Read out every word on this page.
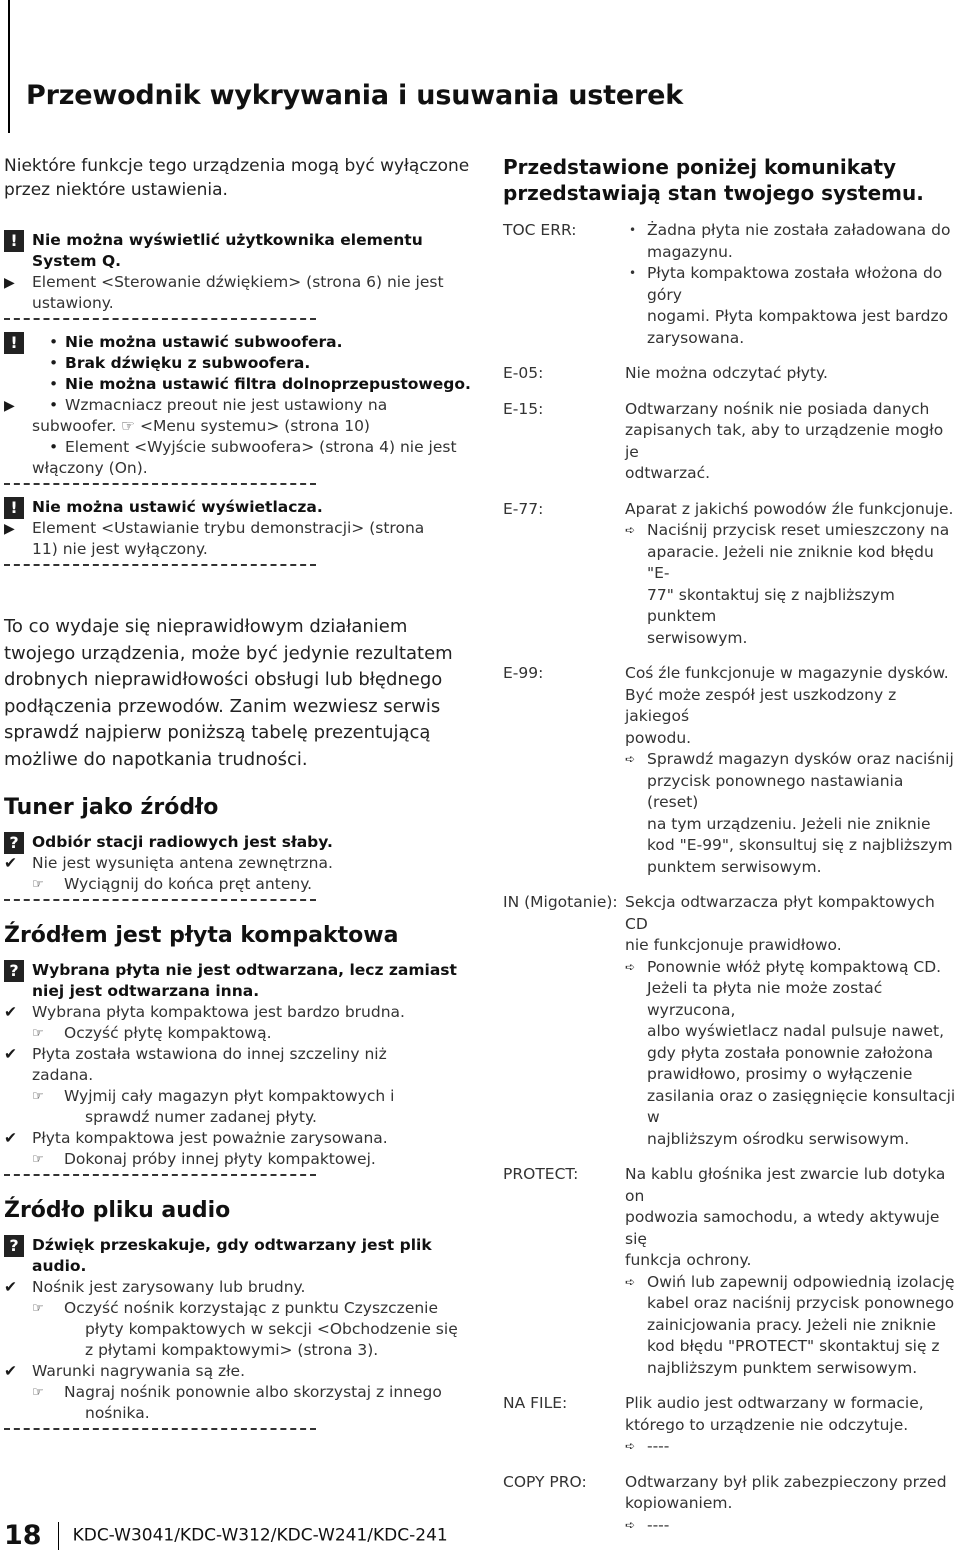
Przewodnik wykrywania i usuwania usterek
Niektóre funkcje tego urządzenia mogą być wyłączone przez niektóre ustawienia.
! Nie można wyświetlić użytkownika elementu
System Q.
▶	Element <Sterowanie dźwiękiem> (strona 6) nie jest
ustawiony.
!	• Nie można ustawić subwoofera.
• Brak dźwięku z subwoofera.
• Nie można ustawić filtra dolnoprzepustowego.
▶	• Wzmacniacz preout nie jest ustawiony na
subwoofer. ☞ <Menu systemu> (strona 10)
• Element <Wyjście subwoofera> (strona 4) nie jest
włączony (On).
! Nie można ustawić wyświetlacza.
▶	Element <Ustawianie trybu demonstracji> (strona
11) nie jest wyłączony.
To co wydaje się nieprawidłowym działaniem twojego urządzenia, może być jedynie rezultatem drobnych nieprawidłowości obsługi lub błędnego podłączenia przewodów. Zanim wezwiesz serwis sprawdź najpierw poniższą tabelę prezentującą możliwe do napotkania trudności.
Tuner jako źródło
? Odbiór stacji radiowych jest słaby.
✔ Nie jest wysunięta antena zewnętrzna.
☞	Wyciągnij do końca pręt anteny.
Źródłem jest płyta kompaktowa
? Wybrana płyta nie jest odtwarzana, lecz zamiast
niej jest odtwarzana inna.
✔ Wybrana płyta kompaktowa jest bardzo brudna.
☞	Oczyść płytę kompaktową.
✔ Płyta została wstawiona do innej szczeliny niż
zadana.
☞	Wyjmij cały magazyn płyt kompaktowych i
sprawdź numer zadanej płyty.
✔ Płyta kompaktowa jest poważnie zarysowana.
☞	Dokonaj próby innej płyty kompaktowej.
Źródło pliku audio
? Dźwięk przeskakuje, gdy odtwarzany jest plik
audio.
✔ Nośnik jest zarysowany lub brudny.
☞	Oczyść nośnik korzystając z punktu Czyszczenie
płyty kompaktowych w sekcji <Obchodzenie się
z płytami kompaktowymi> (strona 3).
✔ Warunki nagrywania są złe.
☞	Nagraj nośnik ponownie albo skorzystaj z innego
nośnika.
Przedstawione poniżej komunikaty przedstawiają stan twojego systemu.
TOC ERR:	• Żadna płyta nie została załadowana do
magazynu.
• Płyta kompaktowa została włożona do góry
nogami. Płyta kompaktowa jest bardzo
zarysowana.
E-05:	Nie można odczytać płyty.
E-15:	Odtwarzany nośnik nie posiada danych
zapisanych tak, aby to urządzenie mogło je
odtwarzać.
E-77:	Aparat z jakichś powodów źle funkcjonuje.
➪ Naciśnij przycisk reset umieszczony na
aparacie. Jeżeli nie zniknie kod błędu "E-
77" skontaktuj się z najbliższym punktem
serwisowym.
E-99:	Coś źle funkcjonuje w magazynie dysków.
Być może zespół jest uszkodzony z jakiegoś
powodu.
➪ Sprawdź magazyn dysków oraz naciśnij
przycisk ponownego nastawiania (reset)
na tym urządzeniu. Jeżeli nie zniknie
kod "E-99", skonsultuj się z najbliższym
punktem serwisowym.
IN (Migotanie): Sekcja odtwarzacza płyt kompaktowych CD
nie funkcjonuje prawidłowo.
➪ Ponownie włóż płytę kompaktową CD.
Jeżeli ta płyta nie może zostać wyrzucona,
albo wyświetlacz nadal pulsuje nawet,
gdy płyta została ponownie założona
prawidłowo, prosimy o wyłączenie
zasilania oraz o zasięgnięcie konsultacji w
najbliższym ośrodku serwisowym.
PROTECT:	Na kablu głośnika jest zwarcie lub dotyka on
podwozia samochodu, a wtedy aktywuje się
funkcja ochrony.
➪ Owiń lub zapewnij odpowiednią izolację
kabel oraz naciśnij przycisk ponownego
zainicjowania pracy. Jeżeli nie zniknie
kod błędu "PROTECT" skontaktuj się z
najbliższym punktem serwisowym.
NA FILE:	Plik audio jest odtwarzany w formacie,
którego to urządzenie nie odczytuje.
➪ ----
COPY PRO: Odtwarzany był plik zabezpieczony przed
kopiowaniem.
➪ ----
18 KDC-W3041/KDC-W312/KDC-W241/KDC-241
